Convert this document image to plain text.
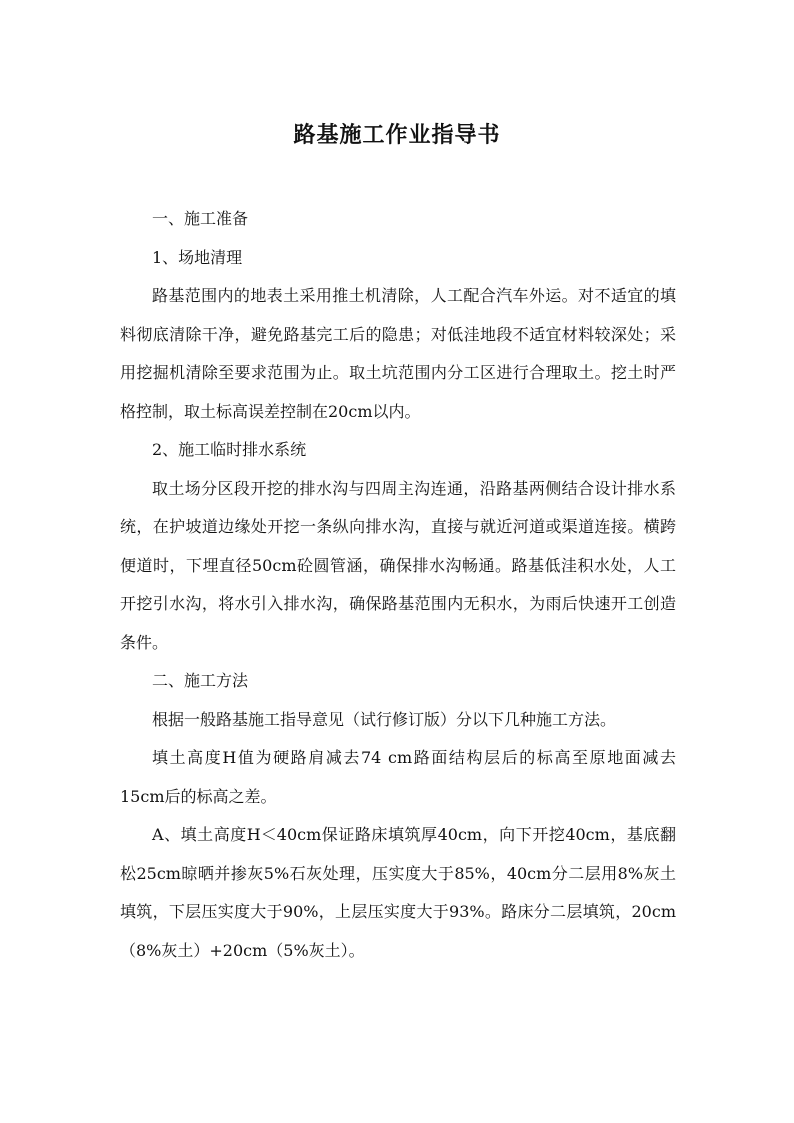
路基施工作业指导书

一、施工准备

1、场地清理

路基范围内的地表土采用推土机清除，人工配合汽车外运。对不适宜的填料彻底清除干净，避免路基完工后的隐患；对低洼地段不适宜材料较深处；采用挖掘机清除至要求范围为止。取土坑范围内分工区进行合理取土。挖土时严格控制，取土标高误差控制在20cm以内。

2、施工临时排水系统

取土场分区段开挖的排水沟与四周主沟连通，沿路基两侧结合设计排水系统，在护坡道边缘处开挖一条纵向排水沟，直接与就近河道或渠道连接。横跨便道时，下埋直径50cm砼圆管涵，确保排水沟畅通。路基低洼积水处，人工开挖引水沟，将水引入排水沟，确保路基范围内无积水，为雨后快速开工创造条件。

二、施工方法

根据一般路基施工指导意见（试行修订版）分以下几种施工方法。

填土高度H值为硬路肩减去74 cm路面结构层后的标高至原地面减去15cm后的标高之差。

A、填土高度H＜40cm保证路床填筑厚40cm，向下开挖40cm，基底翻松25cm晾晒并掺灰5%石灰处理，压实度大于85%，40cm分二层用8%灰土填筑，下层压实度大于90%，上层压实度大于93%。路床分二层填筑，20cm（8%灰土）+20cm（5%灰土）。
